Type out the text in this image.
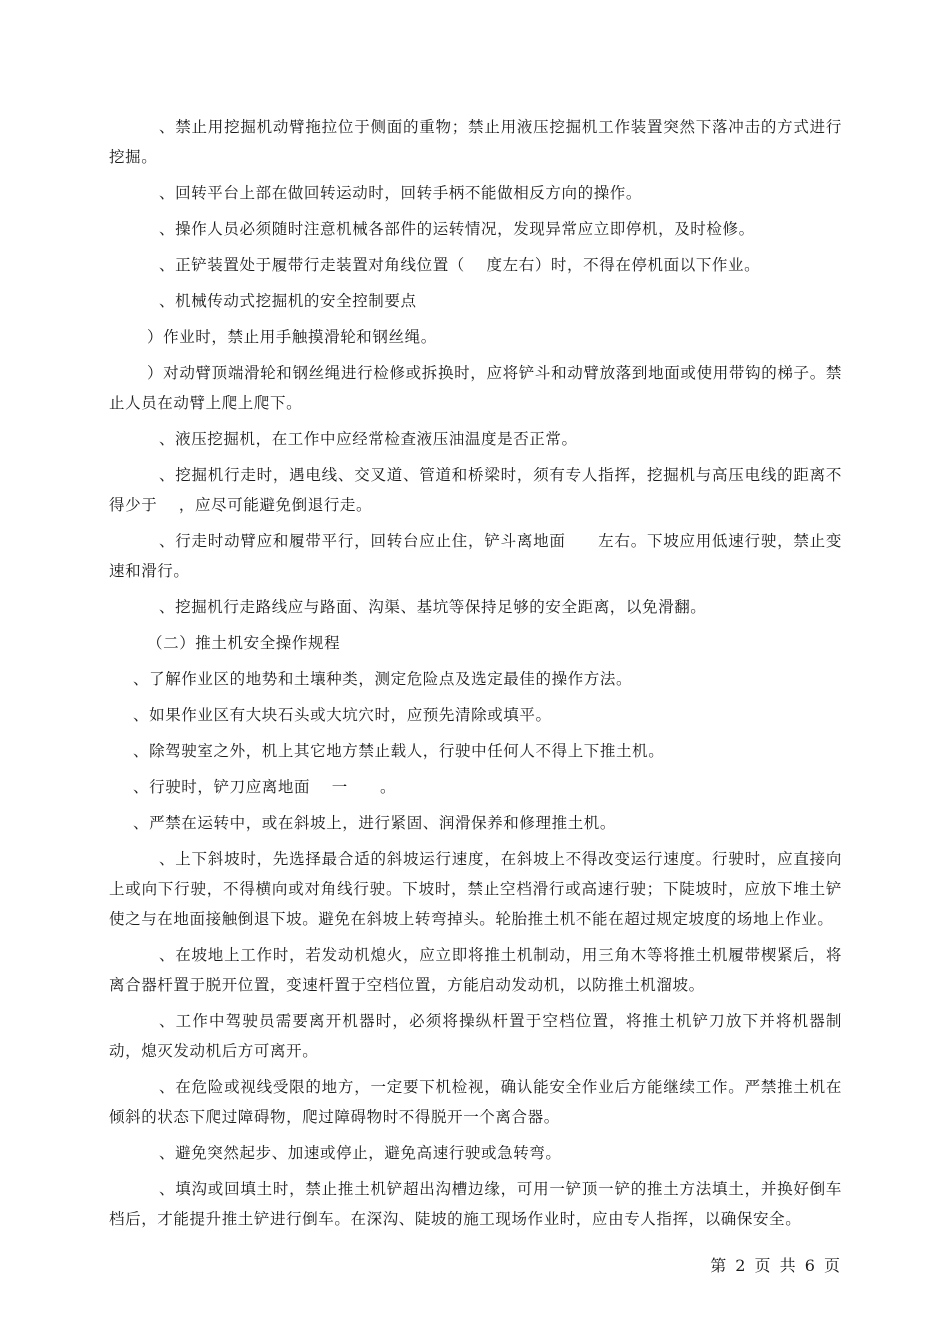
、禁止用挖掘机动臂拖拉位于侧面的重物；禁止用液压挖掘机工作装置突然下落冲击的方式进行挖掘。

、回转平台上部在做回转运动时，回转手柄不能做相反方向的操作。

、操作人员必须随时注意机械各部件的运转情况，发现异常应立即停机，及时检修。

、正铲装置处于履带行走装置对角线位置（　 度左右）时，不得在停机面以下作业。

、机械传动式挖掘机的安全控制要点

）作业时，禁止用手触摸滑轮和钢丝绳。

）对动臂顶端滑轮和钢丝绳进行检修或拆换时，应将铲斗和动臂放落到地面或使用带钩的梯子。禁止人员在动臂上爬上爬下。

、液压挖掘机，在工作中应经常检查液压油温度是否正常。

、挖掘机行走时，遇电线、交叉道、管道和桥梁时，须有专人指挥，挖掘机与高压电线的距离不得少于　 ，应尽可能避免倒退行走。

、行走时动臂应和履带平行，回转台应止住，铲斗离地面　　左右。下坡应用低速行驶，禁止变速和滑行。

、挖掘机行走路线应与路面、沟渠、基坑等保持足够的安全距离，以免滑翻。

（二）推土机安全操作规程

、了解作业区的地势和土壤种类，测定危险点及选定最佳的操作方法。

、如果作业区有大块石头或大坑穴时，应预先清除或填平。

、除驾驶室之外，机上其它地方禁止载人，行驶中任何人不得上下推土机。

、行驶时，铲刀应离地面　 一　　。

、严禁在运转中，或在斜坡上，进行紧固、润滑保养和修理推土机。

、上下斜坡时，先选择最合适的斜坡运行速度，在斜坡上不得改变运行速度。行驶时，应直接向上或向下行驶，不得横向或对角线行驶。下坡时，禁止空档滑行或高速行驶；下陡坡时，应放下堆土铲使之与在地面接触倒退下坡。避免在斜坡上转弯掉头。轮胎推土机不能在超过规定坡度的场地上作业。

、在坡地上工作时，若发动机熄火，应立即将推土机制动，用三角木等将推土机履带楔紧后，将离合器杆置于脱开位置，变速杆置于空档位置，方能启动发动机，以防推土机溜坡。

、工作中驾驶员需要离开机器时，必须将操纵杆置于空档位置，将推土机铲刀放下并将机器制动，熄灭发动机后方可离开。

、在危险或视线受限的地方，一定要下机检视，确认能安全作业后方能继续工作。严禁推土机在倾斜的状态下爬过障碍物，爬过障碍物时不得脱开一个离合器。

、避免突然起步、加速或停止，避免高速行驶或急转弯。

、填沟或回填土时，禁止推土机铲超出沟槽边缘，可用一铲顶一铲的推土方法填土，并换好倒车档后，才能提升推土铲进行倒车。在深沟、陡坡的施工现场作业时，应由专人指挥，以确保安全。

第 2 页 共 6 页
